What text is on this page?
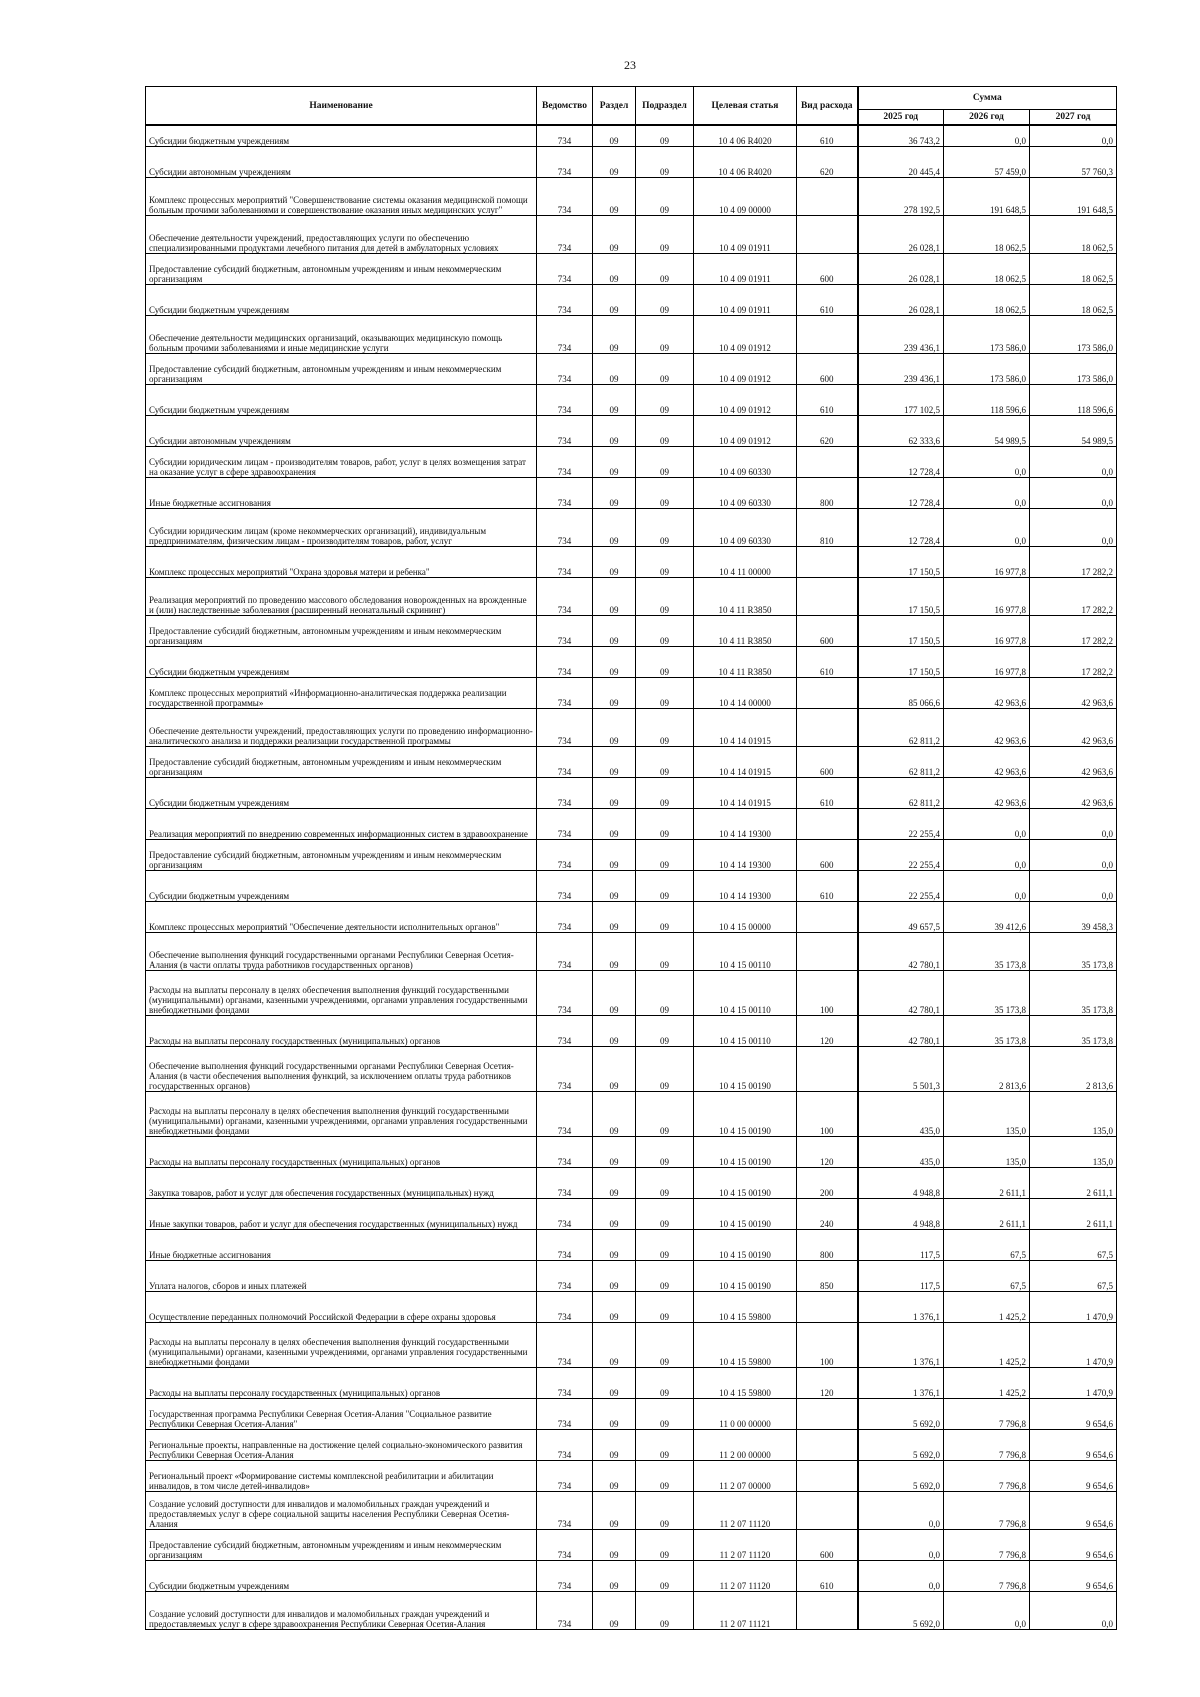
23
Наименование	Ведомство	Раздел	Подраздел	Целевая статья	Вид расхода	Сумма		
						2025 год	2026 год	2027 год
Субсидии бюджетным учреждениям	734	09	09	10 4 06 R4020	610	36 743,2	0,0	0,0
Субсидии автономным учреждениям	734	09	09	10 4 06 R4020	620	20 445,4	57 459,0	57 760,3
Комплекс процессных мероприятий "Совершенствование системы оказания медицинской помощи больным прочими заболеваниями и совершенствование оказания иных медицинских услуг"	734	09	09	10 4 09 00000		278 192,5	191 648,5	191 648,5
Обеспечение деятельности учреждений, предоставляющих услуги по обеспечению специализированными продуктами лечебного питания для детей в амбулаторных условиях	734	09	09	10 4 09 01911		26 028,1	18 062,5	18 062,5
Предоставление субсидий бюджетным, автономным учреждениям и иным некоммерческим организациям	734	09	09	10 4 09 01911	600	26 028,1	18 062,5	18 062,5
Субсидии бюджетным учреждениям	734	09	09	10 4 09 01911	610	26 028,1	18 062,5	18 062,5
Обеспечение деятельности медицинских организаций, оказывающих медицинскую помощь больным прочими заболеваниями и иные медицинские услуги	734	09	09	10 4 09 01912		239 436,1	173 586,0	173 586,0
Предоставление субсидий бюджетным, автономным учреждениям и иным некоммерческим организациям	734	09	09	10 4 09 01912	600	239 436,1	173 586,0	173 586,0
Субсидии бюджетным учреждениям	734	09	09	10 4 09 01912	610	177 102,5	118 596,6	118 596,6
Субсидии автономным учреждениям	734	09	09	10 4 09 01912	620	62 333,6	54 989,5	54 989,5
Субсидии юридическим лицам - производителям товаров, работ, услуг в целях возмещения затрат на оказание услуг в сфере здравоохранения	734	09	09	10 4 09 60330		12 728,4	0,0	0,0
Иные бюджетные ассигнования	734	09	09	10 4 09 60330	800	12 728,4	0,0	0,0
Субсидии юридическим лицам (кроме некоммерческих организаций), индивидуальным предпринимателям, физическим лицам - производителям товаров, работ, услуг	734	09	09	10 4 09 60330	810	12 728,4	0,0	0,0
Комплекс процессных мероприятий "Охрана здоровья матери и ребенка"	734	09	09	10 4 11 00000		17 150,5	16 977,8	17 282,2
Реализация мероприятий по проведению массового обследования новорожденных на врожденные и (или) наследственные заболевания (расширенный неонатальный скрининг)	734	09	09	10 4 11 R3850		17 150,5	16 977,8	17 282,2
Предоставление субсидий бюджетным, автономным учреждениям и иным некоммерческим организациям	734	09	09	10 4 11 R3850	600	17 150,5	16 977,8	17 282,2
Субсидии бюджетным учреждениям	734	09	09	10 4 11 R3850	610	17 150,5	16 977,8	17 282,2
Комплекс процессных мероприятий «Информационно-аналитическая поддержка реализации государственной программы»	734	09	09	10 4 14 00000		85 066,6	42 963,6	42 963,6
Обеспечение деятельности учреждений, предоставляющих услуги по проведению информационно-аналитического анализа и поддержки реализации государственной программы	734	09	09	10 4 14 01915		62 811,2	42 963,6	42 963,6
Предоставление субсидий бюджетным, автономным учреждениям и иным некоммерческим организациям	734	09	09	10 4 14 01915	600	62 811,2	42 963,6	42 963,6
Субсидии бюджетным учреждениям	734	09	09	10 4 14 01915	610	62 811,2	42 963,6	42 963,6
Реализация мероприятий по внедрению современных информационных систем в здравоохранение	734	09	09	10 4 14 19300		22 255,4	0,0	0,0
Предоставление субсидий бюджетным, автономным учреждениям и иным некоммерческим организациям	734	09	09	10 4 14 19300	600	22 255,4	0,0	0,0
Субсидии бюджетным учреждениям	734	09	09	10 4 14 19300	610	22 255,4	0,0	0,0
Комплекс процессных мероприятий "Обеспечение деятельности исполнительных органов"	734	09	09	10 4 15 00000		49 657,5	39 412,6	39 458,3
Обеспечение выполнения функций государственными органами Республики Северная Осетия-Алания (в части оплаты труда работников государственных органов)	734	09	09	10 4 15 00110		42 780,1	35 173,8	35 173,8
Расходы на выплаты персоналу в целях обеспечения выполнения функций государственными (муниципальными) органами, казенными учреждениями, органами управления государственными внебюджетными фондами	734	09	09	10 4 15 00110	100	42 780,1	35 173,8	35 173,8
Расходы на выплаты персоналу государственных (муниципальных) органов	734	09	09	10 4 15 00110	120	42 780,1	35 173,8	35 173,8
Обеспечение выполнения функций государственными органами Республики Северная Осетия-Алания (в части обеспечения выполнения функций, за исключением оплаты труда работников государственных органов)	734	09	09	10 4 15 00190		5 501,3	2 813,6	2 813,6
Расходы на выплаты персоналу в целях обеспечения выполнения функций государственными (муниципальными) органами, казенными учреждениями, органами управления государственными внебюджетными фондами	734	09	09	10 4 15 00190	100	435,0	135,0	135,0
Расходы на выплаты персоналу государственных (муниципальных) органов	734	09	09	10 4 15 00190	120	435,0	135,0	135,0
Закупка товаров, работ и услуг для обеспечения государственных (муниципальных) нужд	734	09	09	10 4 15 00190	200	4 948,8	2 611,1	2 611,1
Иные закупки товаров, работ и услуг для обеспечения государственных (муниципальных) нужд	734	09	09	10 4 15 00190	240	4 948,8	2 611,1	2 611,1
Иные бюджетные ассигнования	734	09	09	10 4 15 00190	800	117,5	67,5	67,5
Уплата налогов, сборов и иных платежей	734	09	09	10 4 15 00190	850	117,5	67,5	67,5
Осуществление переданных полномочий Российской Федерации в сфере охраны здоровья	734	09	09	10 4 15 59800		1 376,1	1 425,2	1 470,9
Расходы на выплаты персоналу в целях обеспечения выполнения функций государственными (муниципальными) органами, казенными учреждениями, органами управления государственными внебюджетными фондами	734	09	09	10 4 15 59800	100	1 376,1	1 425,2	1 470,9
Расходы на выплаты персоналу государственных (муниципальных) органов	734	09	09	10 4 15 59800	120	1 376,1	1 425,2	1 470,9
Государственная программа Республики Северная Осетия-Алания "Социальное развитие Республики Северная Осетия-Алания"	734	09	09	11 0 00 00000		5 692,0	7 796,8	9 654,6
Региональные проекты, направленные на достижение целей социально-экономического развития Республики Северная Осетия-Алания	734	09	09	11 2 00 00000		5 692,0	7 796,8	9 654,6
Региональный проект «Формирование системы комплексной реабилитации и абилитации инвалидов, в том числе детей-инвалидов»	734	09	09	11 2 07 00000		5 692,0	7 796,8	9 654,6
Создание условий доступности для инвалидов и маломобильных граждан учреждений и предоставляемых услуг в сфере социальной защиты населения Республики Северная Осетия-Алания	734	09	09	11 2 07 11120		0,0	7 796,8	9 654,6
Предоставление субсидий бюджетным, автономным учреждениям и иным некоммерческим организациям	734	09	09	11 2 07 11120	600	0,0	7 796,8	9 654,6
Субсидии бюджетным учреждениям	734	09	09	11 2 07 11120	610	0,0	7 796,8	9 654,6
Создание условий доступности для инвалидов и маломобильных граждан учреждений и предоставляемых услуг в сфере здравоохранения Республики Северная Осетия-Алания	734	09	09	11 2 07 11121		5 692,0	0,0	0,0
